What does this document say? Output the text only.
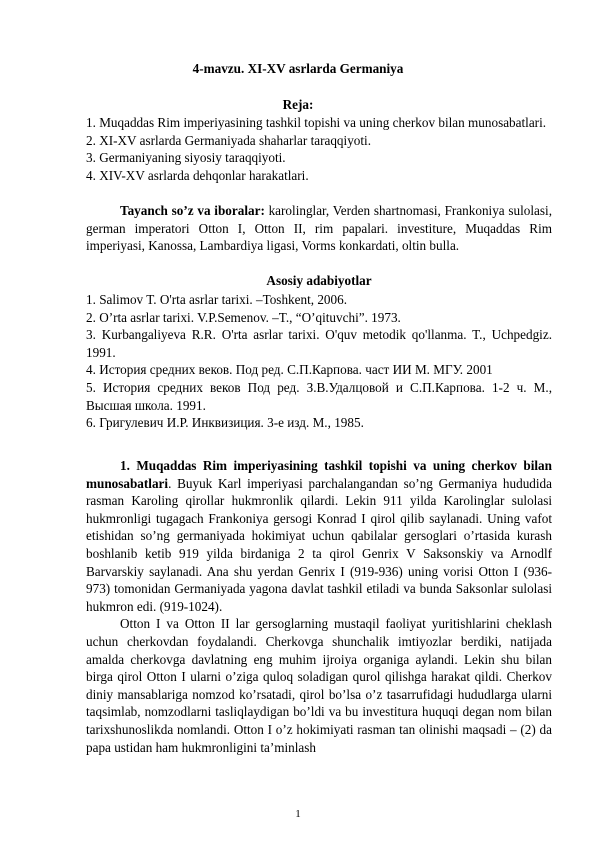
4-mavzu. XI-XV asrlarda Germaniya
Reja:
1. Muqaddas Rim imperiyasining tashkil topishi va uning cherkov bilan munosabatlari.
2. XI-XV asrlarda Germaniyada shaharlar taraqqiyoti.
3. Germaniyaning siyosiy taraqqiyoti.
4. XIV-XV asrlarda dehqonlar harakatlari.
Tayanch so’z va iboralar: karolinglar, Verden shartnomasi, Frankoniya sulolasi, german imperatori Otton I, Otton II, rim papalari. investiture, Muqaddas Rim imperiyasi, Kanossa, Lambardiya ligasi, Vorms konkardati, oltin bulla.
Asosiy adabiyotlar
1. Salimov T. O'rta asrlar tarixi. –Toshkent, 2006.
2. O’rta asrlar tarixi. V.P.Semenov. –T., “O’qituvchi”. 1973.
3. Kurbangaliyeva R.R. O'rta asrlar tarixi. O'quv metodik qo'llanma. T., Uchpedgiz. 1991.
4. История средних веков. Под ред. С.П.Карпова. част ИИ М. МГУ. 2001
5. История средних веков Под ред. З.В.Удалцовой и С.П.Карпова. 1-2 ч. М., Высшая школа. 1991.
6. Григулевич И.Р. Инквизиция. 3-е изд. М., 1985.

1. Muqaddas Rim imperiyasining tashkil topishi va uning cherkov bilan munosabatlari. Buyuk Karl imperiyasi parchalangandan so’ng Germaniya hududida rasman Karoling qirollar hukmronlik qilardi. Lekin 911 yilda Karolinglar sulolasi hukmronligi tugagach Frankoniya gersogi Konrad I qirol qilib saylanadi. Uning vafot etishidan so’ng germaniyada hokimiyat uchun qabilalar gersoglari o’rtasida kurash boshlanib ketib 919 yilda birdaniga 2 ta qirol Genrix V Saksonskiy va Arnodlf Barvarskiy saylanadi. Ana shu yerdan Genrix I (919-936) uning vorisi Otton I (936-973) tomonidan Germaniyada yagona davlat tashkil etiladi va bunda Saksonlar sulolasi hukmron edi. (919-1024).

Otton I va Otton II lar gersoglarning mustaqil faoliyat yuritishlarini cheklash uchun cherkovdan foydalandi. Cherkovga shunchalik imtiyozlar berdiki, natijada amalda cherkovga davlatning eng muhim ijroiya organiga aylandi. Lekin shu bilan birga qirol Otton I ularni o’ziga quloq soladigan qurol qilishga harakat qildi. Cherkov diniy mansablariga nomzod ko’rsatadi, qirol bo’lsa o’z tasarrufidagi hududlarga ularni taqsimlab, nomzodlarni tasliqlaydigan bo’ldi va bu investitura huquqi degan nom bilan tarixshunoslikda nomlandi. Otton I o’z hokimiyati rasman tan olinishi maqsadi – (2) da papa ustidan ham hukmronligini ta’minlash

1
